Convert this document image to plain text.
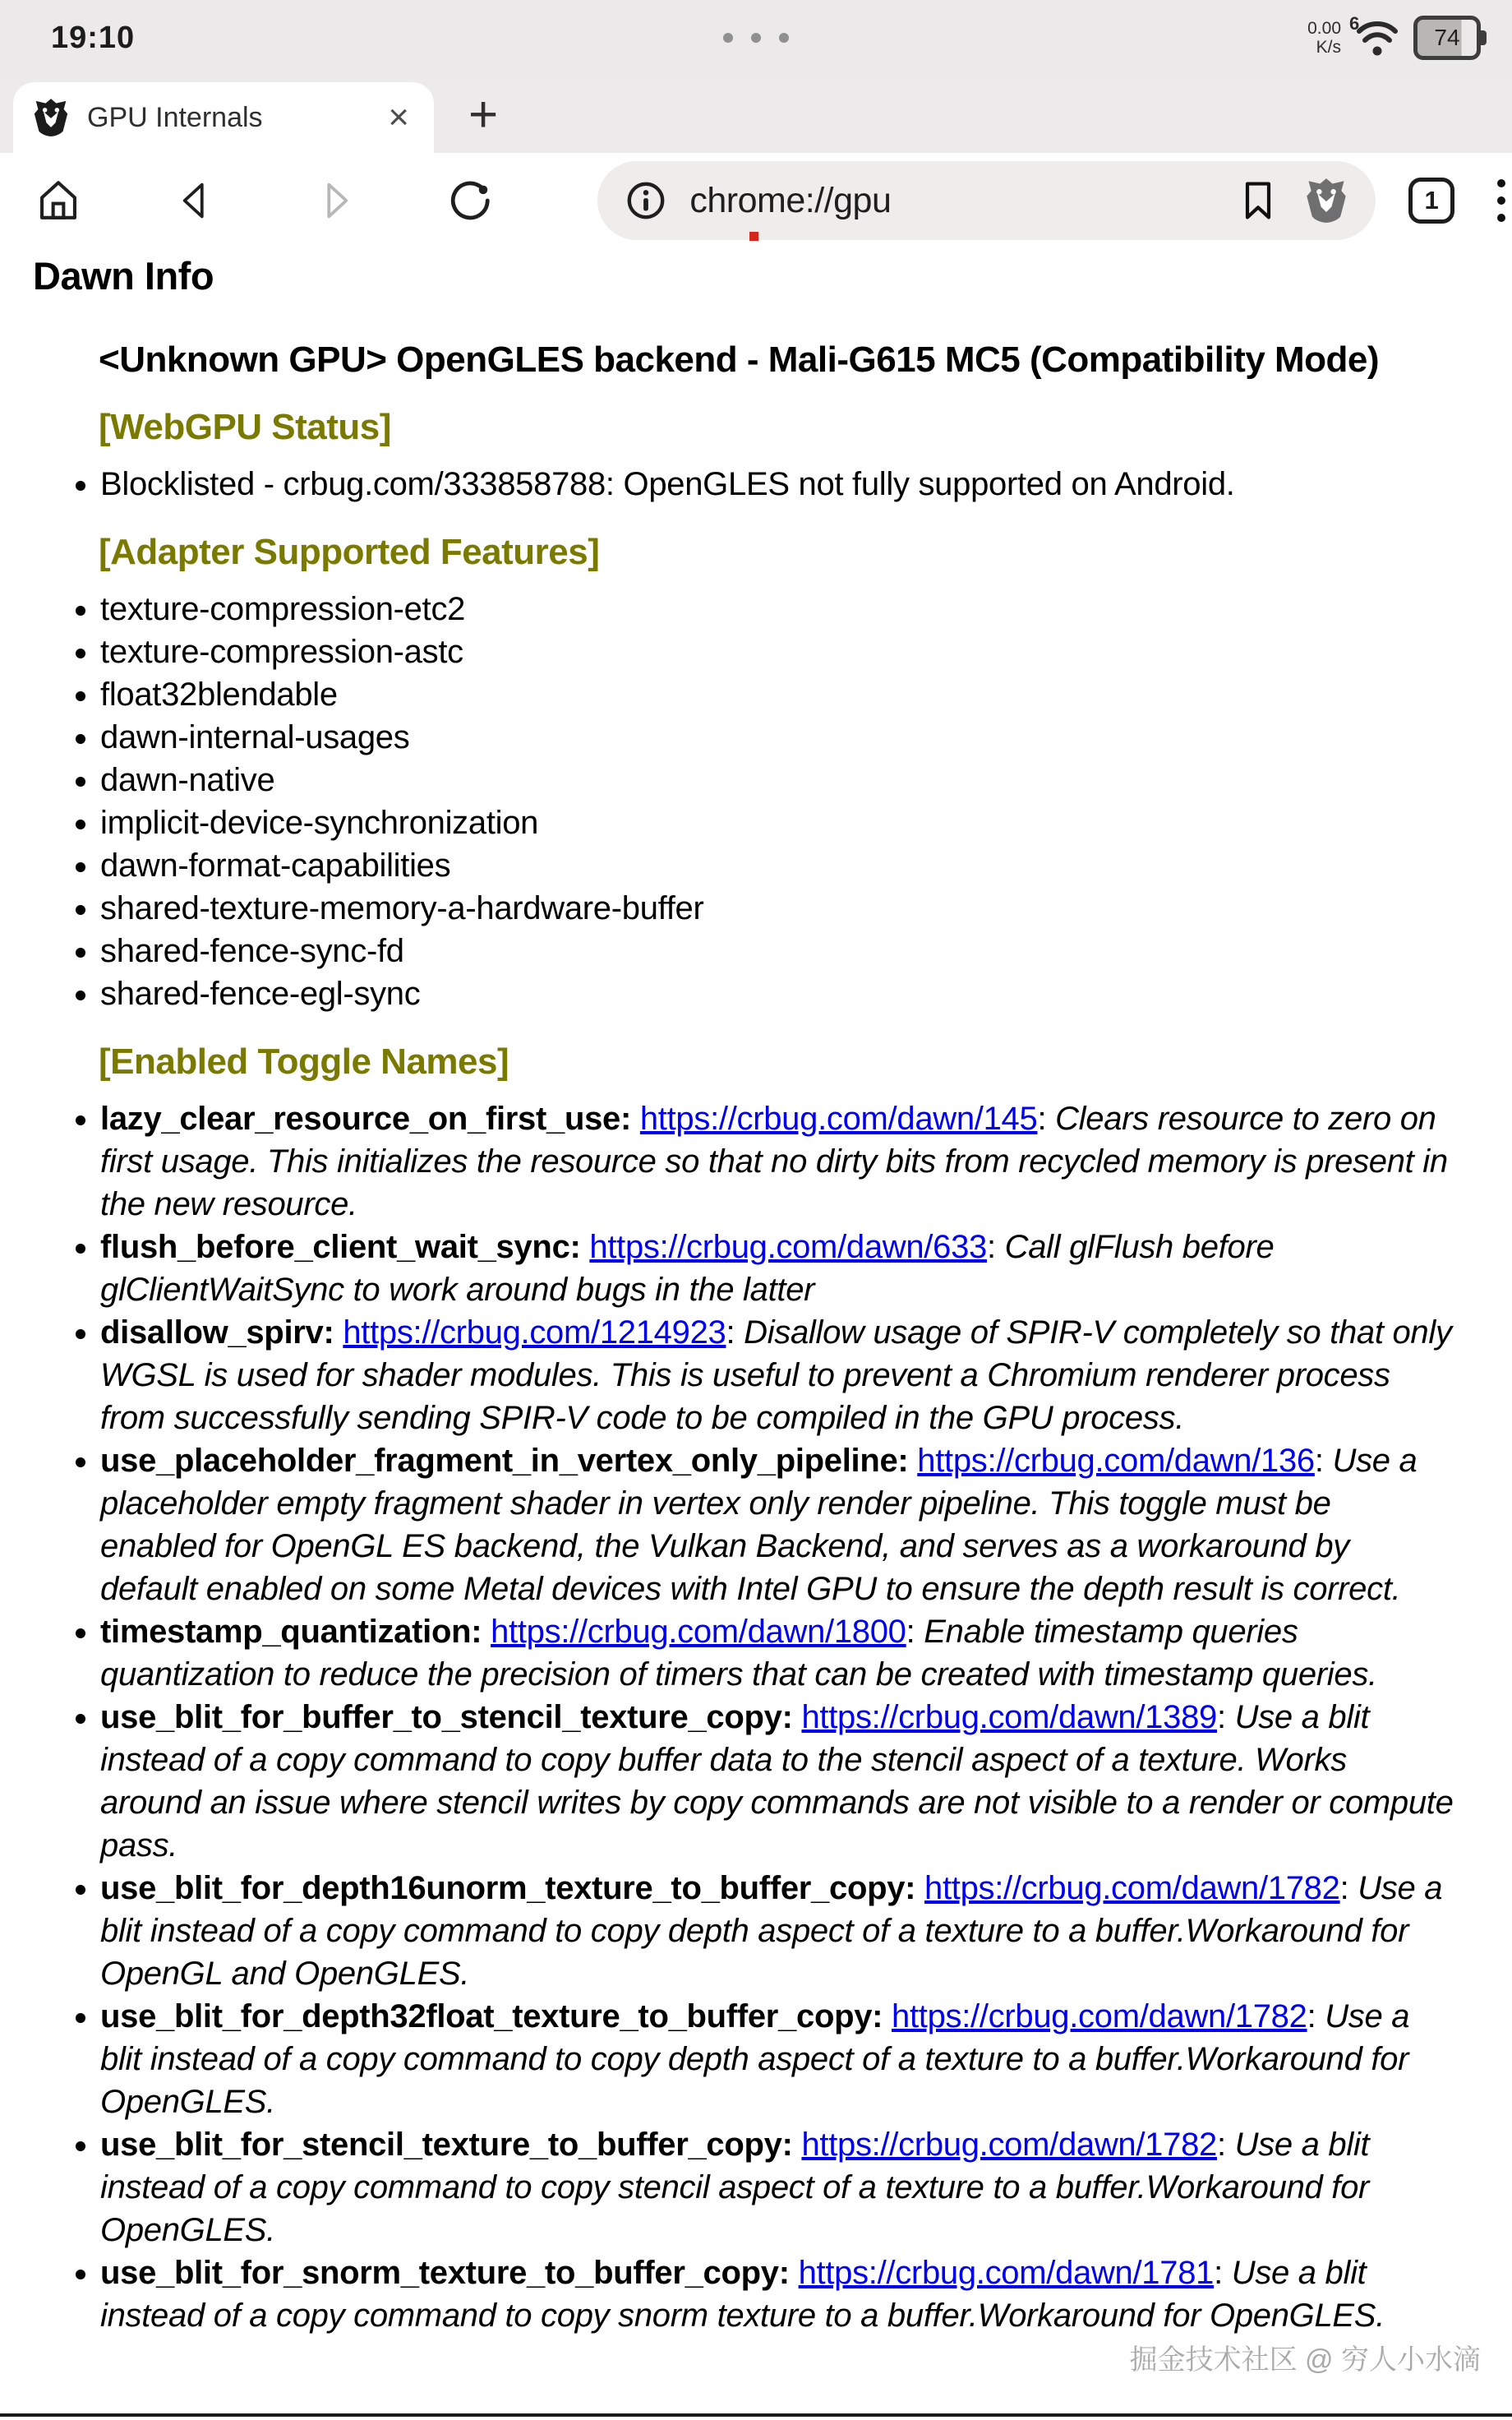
19:10	0.00
K/s
6
74
GPU Internals	× +
chrome://gpu	1
Dawn Info
<Unknown GPU> OpenGLES backend - Mali-G615 MC5 (Compatibility Mode)
[WebGPU Status]
• Blocklisted - crbug.com/333858788: OpenGLES not fully supported on Android.
[Adapter Supported Features]
• texture-compression-etc2
• texture-compression-astc
• float32blendable
• dawn-internal-usages
• dawn-native
• implicit-device-synchronization
• dawn-format-capabilities
• shared-texture-memory-a-hardware-buffer
• shared-fence-sync-fd
• shared-fence-egl-sync
[Enabled Toggle Names]
• lazy_clear_resource_on_first_use: https://crbug.com/dawn/145: Clears resource to zero on first usage. This initializes the resource so that no dirty bits from recycled memory is present in the new resource.
• flush_before_client_wait_sync: https://crbug.com/dawn/633: Call glFlush before glClientWaitSync to work around bugs in the latter
• disallow_spirv: https://crbug.com/1214923: Disallow usage of SPIR-V completely so that only WGSL is used for shader modules. This is useful to prevent a Chromium renderer process from successfully sending SPIR-V code to be compiled in the GPU process.
• use_placeholder_fragment_in_vertex_only_pipeline: https://crbug.com/dawn/136: Use a placeholder empty fragment shader in vertex only render pipeline. This toggle must be enabled for OpenGL ES backend, the Vulkan Backend, and serves as a workaround by default enabled on some Metal devices with Intel GPU to ensure the depth result is correct.
• timestamp_quantization: https://crbug.com/dawn/1800: Enable timestamp queries quantization to reduce the precision of timers that can be created with timestamp queries.
• use_blit_for_buffer_to_stencil_texture_copy: https://crbug.com/dawn/1389: Use a blit instead of a copy command to copy buffer data to the stencil aspect of a texture. Works around an issue where stencil writes by copy commands are not visible to a render or compute pass.
• use_blit_for_depth16unorm_texture_to_buffer_copy: https://crbug.com/dawn/1782: Use a blit instead of a copy command to copy depth aspect of a texture to a buffer.Workaround for OpenGL and OpenGLES.
• use_blit_for_depth32float_texture_to_buffer_copy: https://crbug.com/dawn/1782: Use a blit instead of a copy command to copy depth aspect of a texture to a buffer.Workaround for OpenGLES.
• use_blit_for_stencil_texture_to_buffer_copy: https://crbug.com/dawn/1782: Use a blit instead of a copy command to copy stencil aspect of a texture to a buffer.Workaround for OpenGLES.
• use_blit_for_snorm_texture_to_buffer_copy: https://crbug.com/dawn/1781: Use a blit instead of a copy command to copy snorm texture to a buffer.Workaround for OpenGLES.
掘金技术社区 @ 穷人小水滴
